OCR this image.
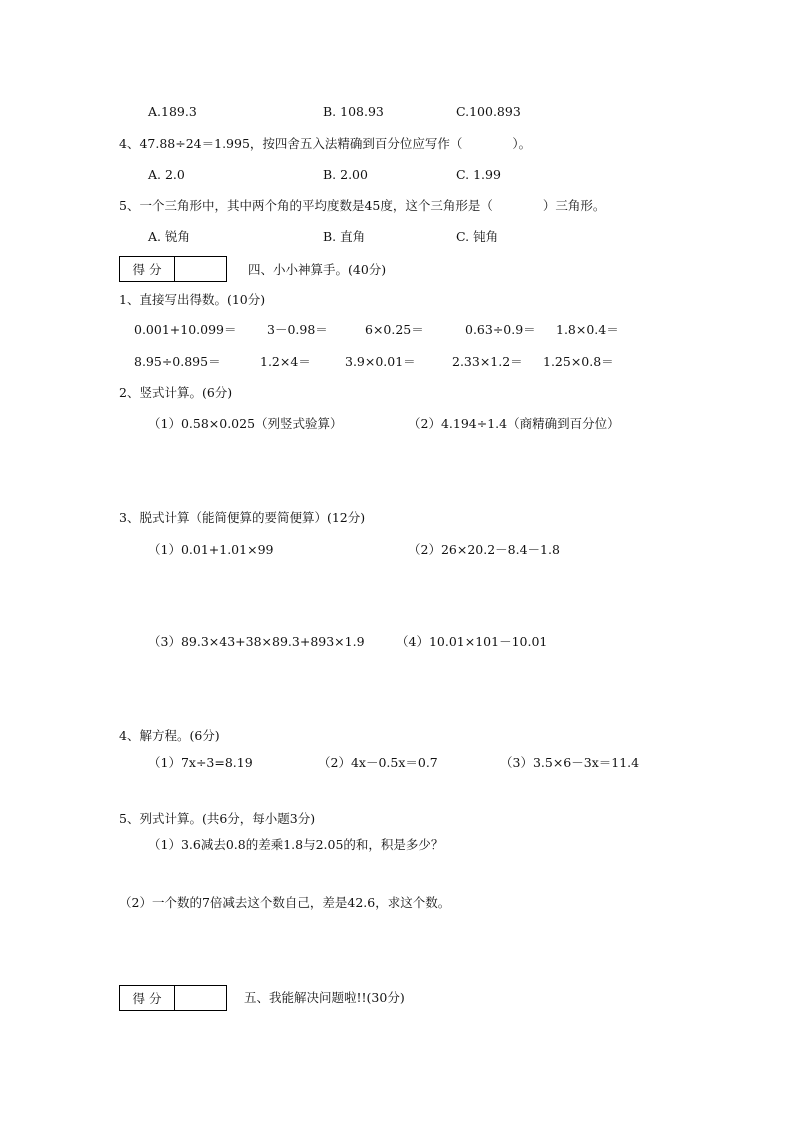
A.189.3	B. 108.93	C.100.893
4、47.88÷24＝1.995，按四舍五入法精确到百分位应写作（　　　　）。
A. 2.0	B. 2.00	C. 1.99
5、一个三角形中，其中两个角的平均度数是45度，这个三角形是（　　　　）三角形。
A. 锐角	B. 直角	C. 钝角
得 分	四、小小神算手。(40分)
1、直接写出得数。(10分)
0.001+10.099＝ 3－0.98＝	6×0.25＝	0.63÷0.9＝ 1.8×0.4＝
8.95÷0.895＝	1.2×4＝	3.9×0.01＝	2.33×1.2＝ 1.25×0.8＝
2、竖式计算。(6分)
（1）0.58×0.025（列竖式验算）	（2）4.194÷1.4（商精确到百分位）
3、脱式计算（能简便算的要简便算）(12分)
（1）0.01+1.01×99	（2）26×20.2－8.4－1.8
（3）89.3×43+38×89.3+893×1.9	（4）10.01×101－10.01
4、解方程。(6分)
（1）7x÷3=8.19	（2）4x－0.5x＝0.7	（3）3.5×6－3x＝11.4
5、列式计算。(共6分，每小题3分)
（1）3.6减去0.8的差乘1.8与2.05的和，积是多少？
（2）一个数的7倍减去这个数自己，差是42.6，求这个数。
得 分	五、我能解决问题啦!!(30分)
